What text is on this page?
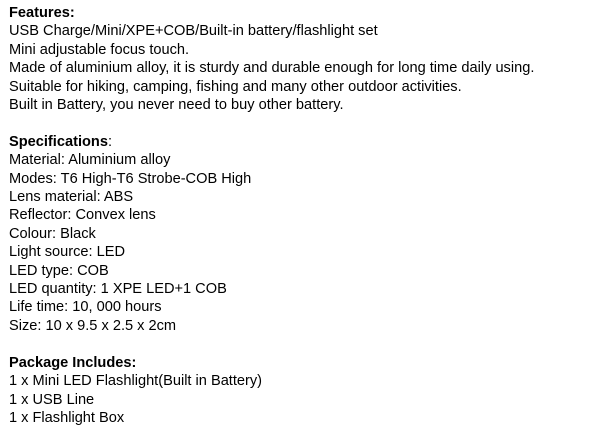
Features:
USB Charge/Mini/XPE+COB/Built-in battery/flashlight set
Mini adjustable focus touch.
Made of aluminium alloy, it is sturdy and durable enough for long time daily using.
Suitable for hiking, camping, fishing and many other outdoor activities.
Built in Battery, you never need to buy other battery.
Specifications:
Material: Aluminium alloy
Modes: T6 High-T6 Strobe-COB High
Lens material: ABS
Reflector: Convex lens
Colour: Black
Light source: LED
LED type: COB
LED quantity: 1 XPE LED+1 COB
Life time: 10, 000 hours
Size: 10 x 9.5 x 2.5 x 2cm
Package Includes:
1 x Mini LED Flashlight(Built in Battery)
1 x USB Line
1 x Flashlight Box
